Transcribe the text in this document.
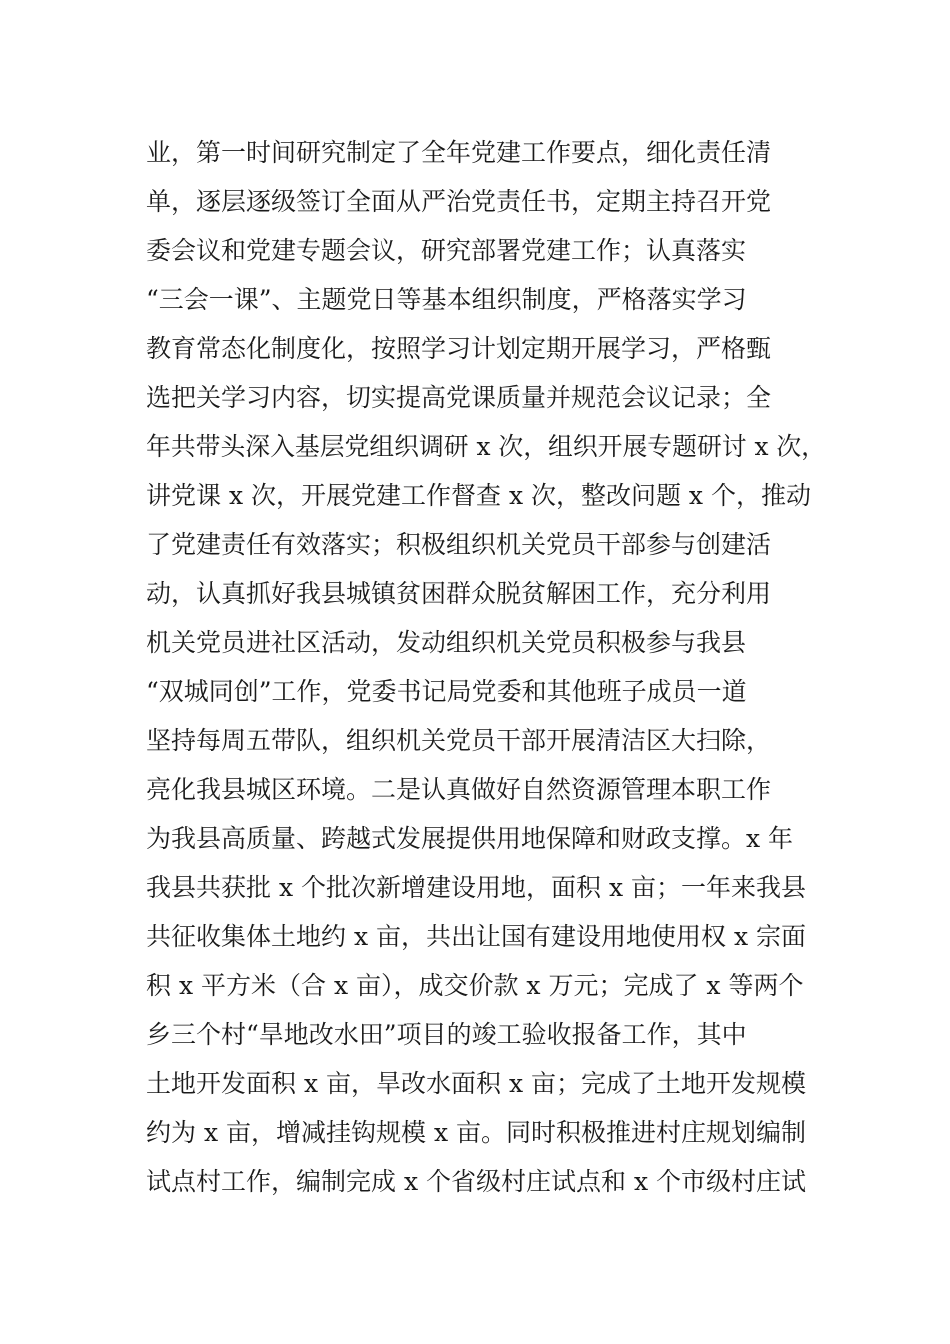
业，第一时间研究制定了全年党建工作要点，细化责任清
单，逐层逐级签订全面从严治党责任书，定期主持召开党
委会议和党建专题会议，研究部署党建工作；认真落实
“三会一课”、主题党日等基本组织制度，严格落实学习
教育常态化制度化，按照学习计划定期开展学习，严格甄
选把关学习内容，切实提高党课质量并规范会议记录；全
年共带头深入基层党组织调研 x 次，组织开展专题研讨 x 次，
讲党课 x 次，开展党建工作督查 x 次，整改问题 x 个，推动
了党建责任有效落实；积极组织机关党员干部参与创建活
动，认真抓好我县城镇贫困群众脱贫解困工作，充分利用
机关党员进社区活动，发动组织机关党员积极参与我县
“双城同创”工作，党委书记局党委和其他班子成员一道
坚持每周五带队，组织机关党员干部开展清洁区大扫除，
亮化我县城区环境。二是认真做好自然资源管理本职工作
为我县高质量、跨越式发展提供用地保障和财政支撑。x 年
我县共获批 x 个批次新增建设用地，面积 x 亩；一年来我县
共征收集体土地约 x 亩，共出让国有建设用地使用权 x 宗面
积 x 平方米（合 x 亩），成交价款 x 万元；完成了 x 等两个
乡三个村“旱地改水田”项目的竣工验收报备工作，其中
土地开发面积 x 亩，旱改水面积 x 亩；完成了土地开发规模
约为 x 亩，增减挂钩规模 x 亩。同时积极推进村庄规划编制
试点村工作，编制完成 x 个省级村庄试点和 x 个市级村庄试
